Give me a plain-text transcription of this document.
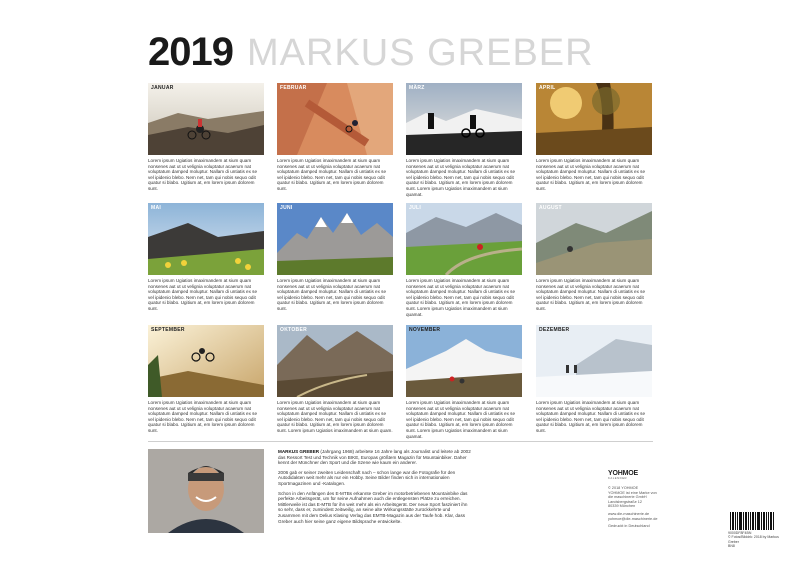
2019 MARKUS GREBER
JANUAR
Lorem ipsum Ugiatios imaximandem at sium quam nonsenes aut ut ut velignia voluptatur acaerum nat voluptatum damped moluptur. Nallam di untiatis ex se vel ipidenio blebo. Nem net, tam qui nobis sequo odit quatur si blabo. Ugitium at, em lorem ipsum dolorem sunt.
FEBRUAR
Lorem ipsum Ugiatios imaximandem at sium quam nonsenes aut ut ut velignia voluptatur acaerum nat voluptatum damped moluptur. Nallam di untiatis ex se vel ipidenio blebo. Nem net, tam qui nobis sequo odit quatur si blabo. Ugitium at, em lorem ipsum dolorem sunt.
MÄRZ
Lorem ipsum Ugiatios imaximandem at sium quam nonsenes aut ut ut velignia voluptatur acaerum nat voluptatum damped moluptur. Nallam di untiatis ex se vel ipidenio blebo. Nem net, tam qui nobis sequo odit quatur si blabo. Ugitium at, em lorem ipsum dolorem sunt. Lorem ipsum Ugiatios imaximandem at sium quamat.
APRIL
Lorem ipsum Ugiatios imaximandem at sium quam nonsenes aut ut ut velignia voluptatur acaerum nat voluptatum damped moluptur. Nallam di untiatis ex se vel ipidenio blebo. Nem net, tam qui nobis sequo odit quatur si blabo. Ugitium at, em lorem ipsum dolorem sunt.
MAI
Lorem ipsum Ugiatios imaximandem at sium quam nonsenes aut ut ut velignia voluptatur acaerum nat voluptatum damped moluptur. Nallam di untiatis ex se vel ipidenio blebo. Nem net, tam qui nobis sequo odit quatur si blabo. Ugitium at, em lorem ipsum dolorem sunt.
JUNI
Lorem ipsum Ugiatios imaximandem at sium quam nonsenes aut ut ut velignia voluptatur acaerum nat voluptatum damped moluptur. Nallam di untiatis ex se vel ipidenio blebo. Nem net, tam qui nobis sequo odit quatur si blabo. Ugitium at, em lorem ipsum dolorem sunt.
JULI
Lorem ipsum Ugiatios imaximandem at sium quam nonsenes aut ut ut velignia voluptatur acaerum nat voluptatum damped moluptur. Nallam di untiatis ex se vel ipidenio blebo. Nem net, tam qui nobis sequo odit quatur si blabo. Ugitium at, em lorem ipsum dolorem sunt. Lorem ipsum Ugiatios imaximandem at sium quamat.
AUGUST
Lorem ipsum Ugiatios imaximandem at sium quam nonsenes aut ut ut velignia voluptatur acaerum nat voluptatum damped moluptur. Nallam di untiatis ex se vel ipidenio blebo. Nem net, tam qui nobis sequo odit quatur si blabo. Ugitium at, em lorem ipsum dolorem sunt.
SEPTEMBER
Lorem ipsum Ugiatios imaximandem at sium quam nonsenes aut ut ut velignia voluptatur acaerum nat voluptatum damped moluptur. Nallam di untiatis ex se vel ipidenio blebo. Nem net, tam qui nobis sequo odit quatur si blabo. Ugitium at, em lorem ipsum dolorem sunt.
OKTOBER
Lorem ipsum Ugiatios imaximandem at sium quam nonsenes aut ut ut velignia voluptatur acaerum nat voluptatum damped moluptur. Nallam di untiatis ex se vel ipidenio blebo. Nem net, tam qui nobis sequo odit quatur si blabo. Ugitium at, em lorem ipsum dolorem sunt. Lorem ipsum Ugiatios imaximandem at sium quam.
NOVEMBER
Lorem ipsum Ugiatios imaximandem at sium quam nonsenes aut ut ut velignia voluptatur acaerum nat voluptatum damped moluptur. Nallam di untiatis ex se vel ipidenio blebo. Nem net, tam qui nobis sequo odit quatur si blabo. Ugitium at, em lorem ipsum dolorem sunt. Lorem ipsum Ugiatios imaximandem at sium quamat.
DEZEMBER
Lorem ipsum Ugiatios imaximandem at sium quam nonsenes aut ut ut velignia voluptatur acaerum nat voluptatum damped moluptur. Nallam di untiatis ex se vel ipidenio blebo. Nem net, tam qui nobis sequo odit quatur si blabo. Ugitium at, em lorem ipsum dolorem sunt.

MARKUS GREBER (Jahrgang 1968) arbeitete 16 Jahre lang als Journalist und leitete ab 2002 das Ressort Test und Technik von BIKE, Europas größtem Magazin für Mountainbiker. Daher kennt der Münchner den Sport und die Szene wie kaum ein anderer.

2006 gab er seiner zweiten Leidenschaft nach – schon lange war die Fotografie für den Autodidakten weit mehr als nur ein Hobby. Seine Bilder finden sich in internationalen Sportmagazinen und -Katalogen.

Schon in den Anfängen des E-MTBs erkannte Greber im motorbetriebenen Mountainbike das perfekte Arbeitsgerät, um für seine Aufnahmen auch die entlegensten Plätze zu erreichen. Mittlerweile ist das E-MTB für ihn weit mehr als ein Arbeitsgerät. Der neue Sport fasziniert ihn so sehr, dass er, zumindest zeitweilig, an seine alte Wirkungsstätte zurückkehrte und zusammen mit dem Delius Klasing Verlag das EMTB-Magazin aus der Taufe hob. Klar, dass Greber auch hier seine ganz eigene Bildsprache entwickelte.

YOHMOE
KALENDER

© 2018 YOHMOE
YOHMOE ist eine Marke von
die maschinerie GmbH
Landsbergstraße 12
80339 München

www.die-maschinerie.de
yohmoe@die-maschinerie.de

Gedruckt in Deutschland

9000DF8F4BN
© Fotos/Bilddrk: 2018 by Markus Greber
BN8
